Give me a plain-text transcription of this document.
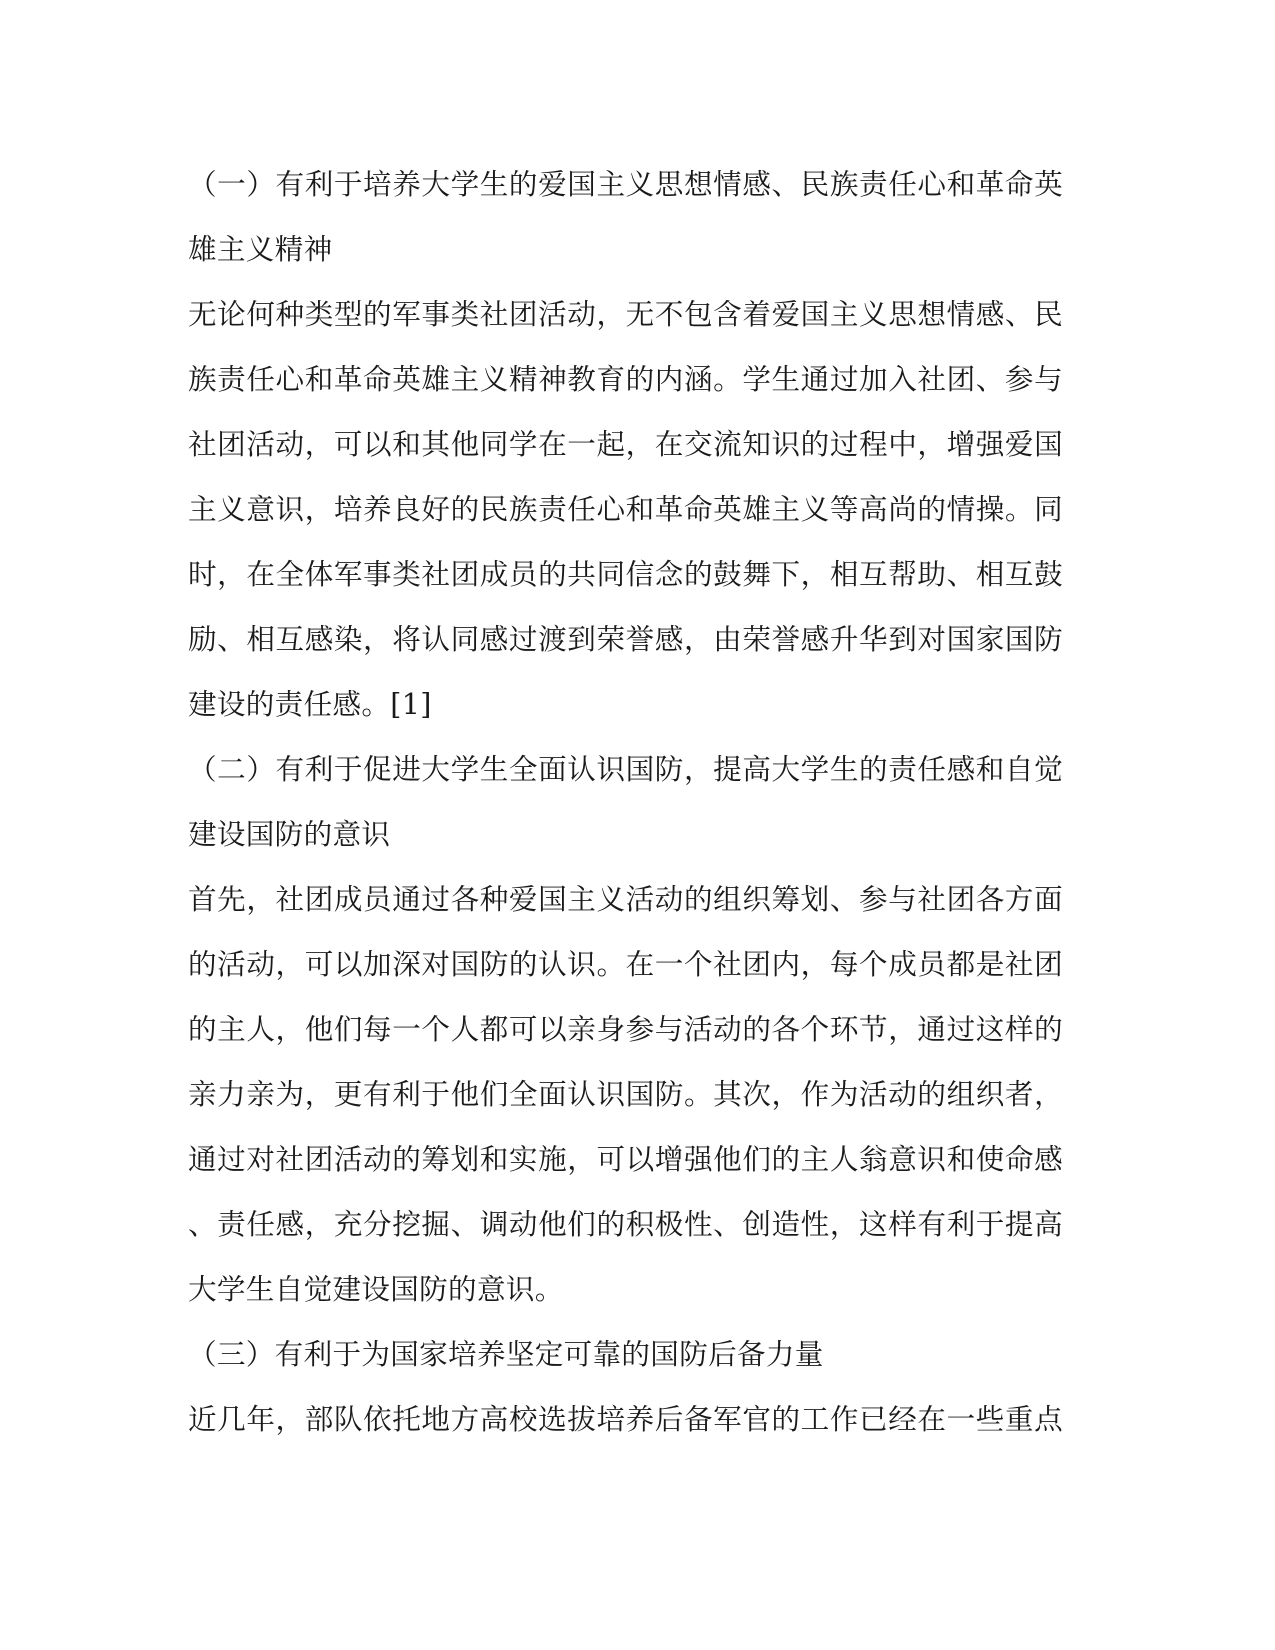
（一）有利于培养大学生的爱国主义思想情感、民族责任心和革命英
雄主义精神
无论何种类型的军事类社团活动，无不包含着爱国主义思想情感、民
族责任心和革命英雄主义精神教育的内涵。学生通过加入社团、参与
社团活动，可以和其他同学在一起，在交流知识的过程中，增强爱国
主义意识，培养良好的民族责任心和革命英雄主义等高尚的情操。同
时，在全体军事类社团成员的共同信念的鼓舞下，相互帮助、相互鼓
励、相互感染，将认同感过渡到荣誉感，由荣誉感升华到对国家国防
建设的责任感。[1]
（二）有利于促进大学生全面认识国防，提高大学生的责任感和自觉
建设国防的意识
首先，社团成员通过各种爱国主义活动的组织筹划、参与社团各方面
的活动，可以加深对国防的认识。在一个社团内，每个成员都是社团
的主人，他们每一个人都可以亲身参与活动的各个环节，通过这样的
亲力亲为，更有利于他们全面认识国防。其次，作为活动的组织者，
通过对社团活动的筹划和实施，可以增强他们的主人翁意识和使命感
、责任感，充分挖掘、调动他们的积极性、创造性，这样有利于提高
大学生自觉建设国防的意识。
（三）有利于为国家培养坚定可靠的国防后备力量
近几年，部队依托地方高校选拔培养后备军官的工作已经在一些重点
